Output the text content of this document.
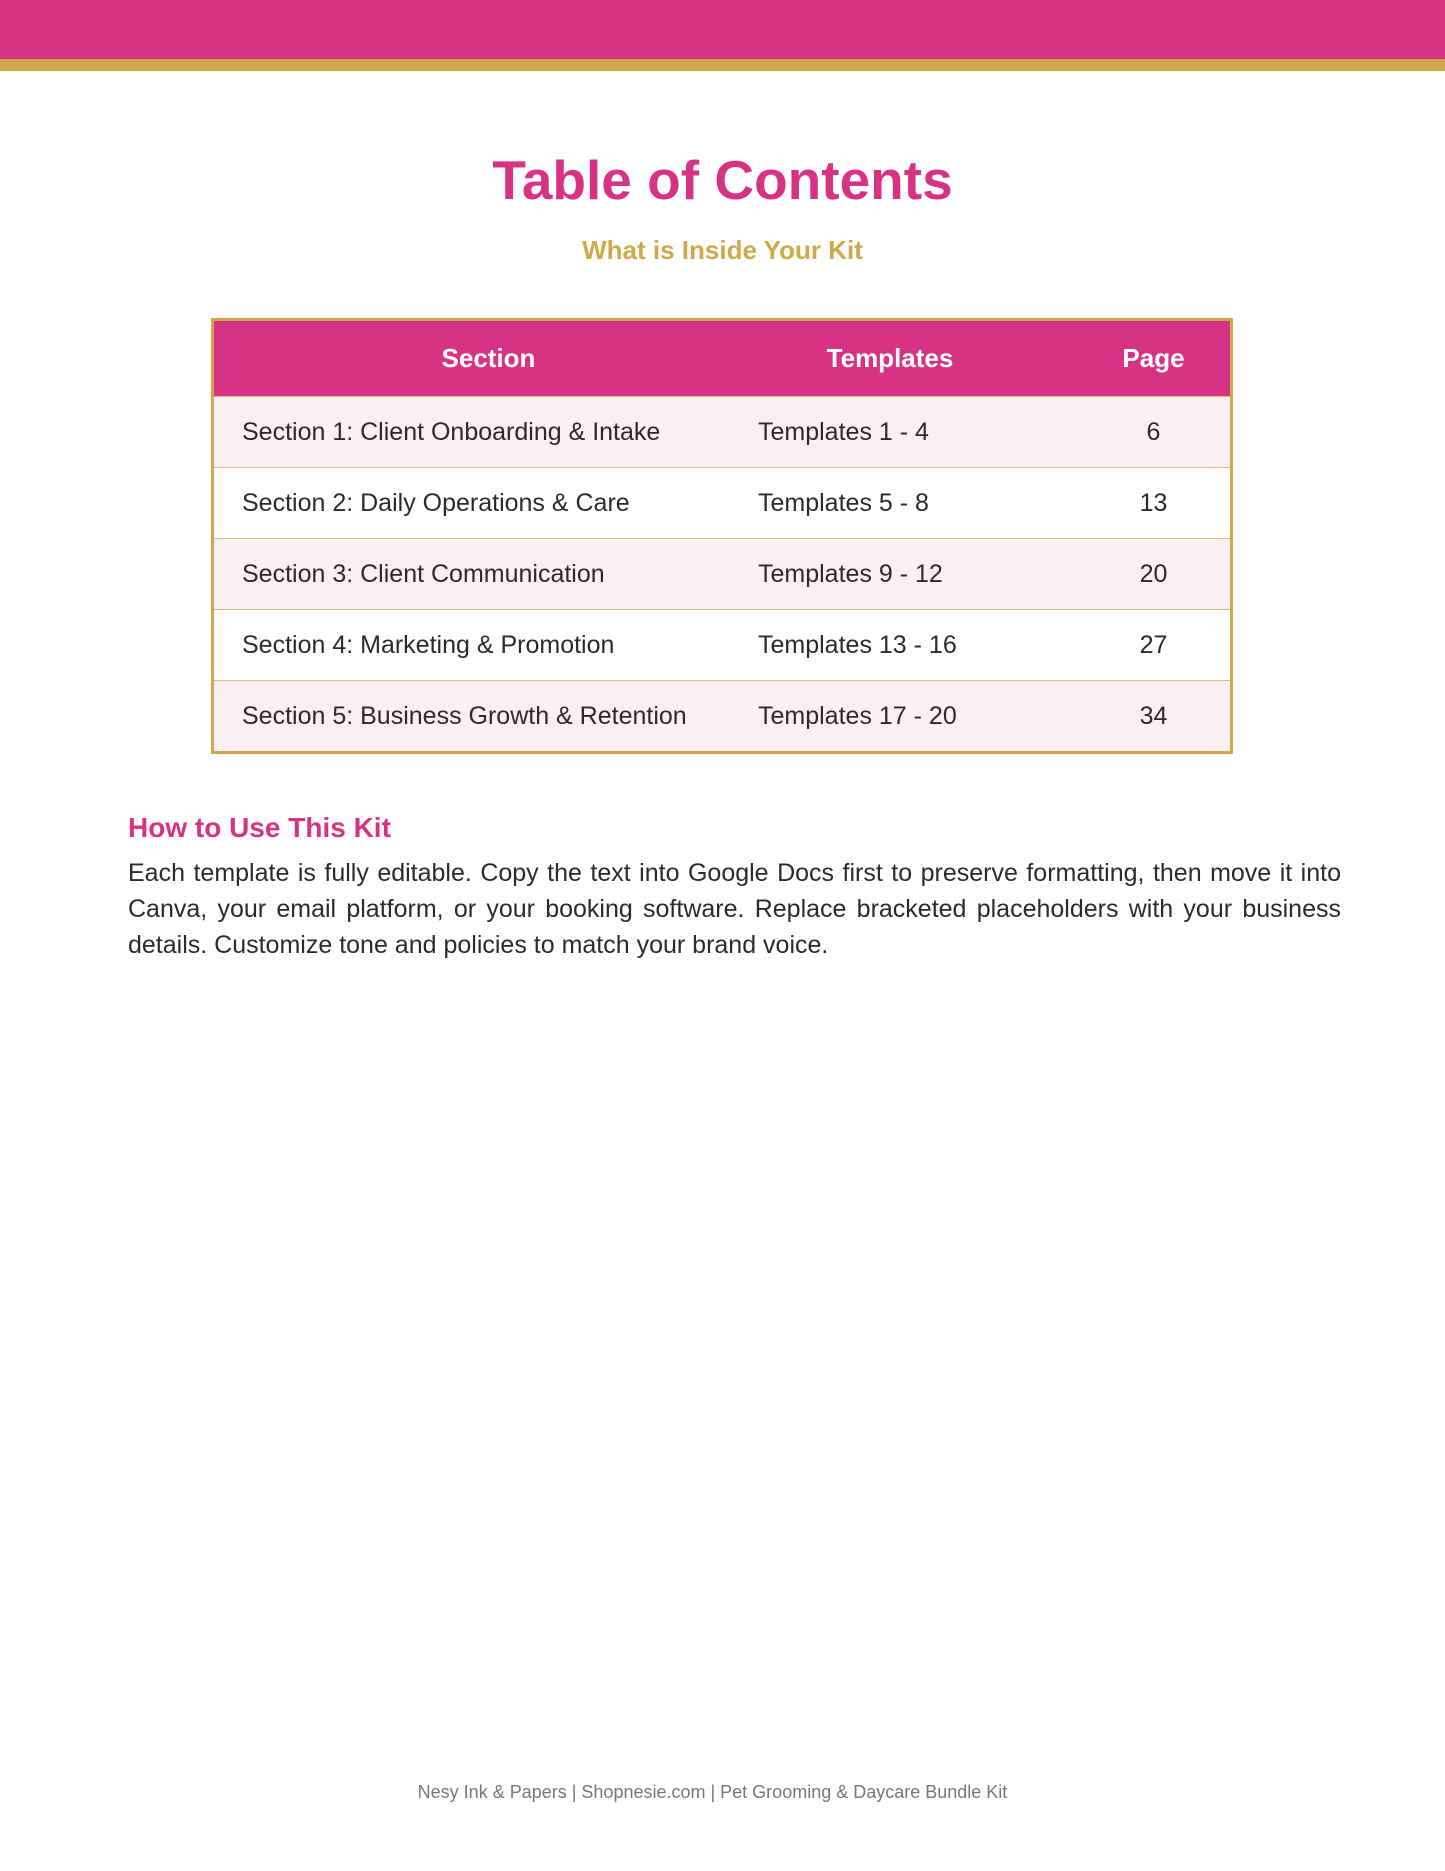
Table of Contents
What is Inside Your Kit
Section	Templates	Page
Section 1: Client Onboarding & Intake	Templates 1 - 4	6
Section 2: Daily Operations & Care	Templates 5 - 8	13
Section 3: Client Communication	Templates 9 - 12	20
Section 4: Marketing & Promotion	Templates 13 - 16	27
Section 5: Business Growth & Retention	Templates 17 - 20	34
How to Use This Kit
Each template is fully editable. Copy the text into Google Docs first to preserve formatting, then move it into Canva, your email platform, or your booking software. Replace bracketed placeholders with your business details. Customize tone and policies to match your brand voice.
Nesy Ink & Papers | Shopnesie.com | Pet Grooming & Daycare Bundle Kit
